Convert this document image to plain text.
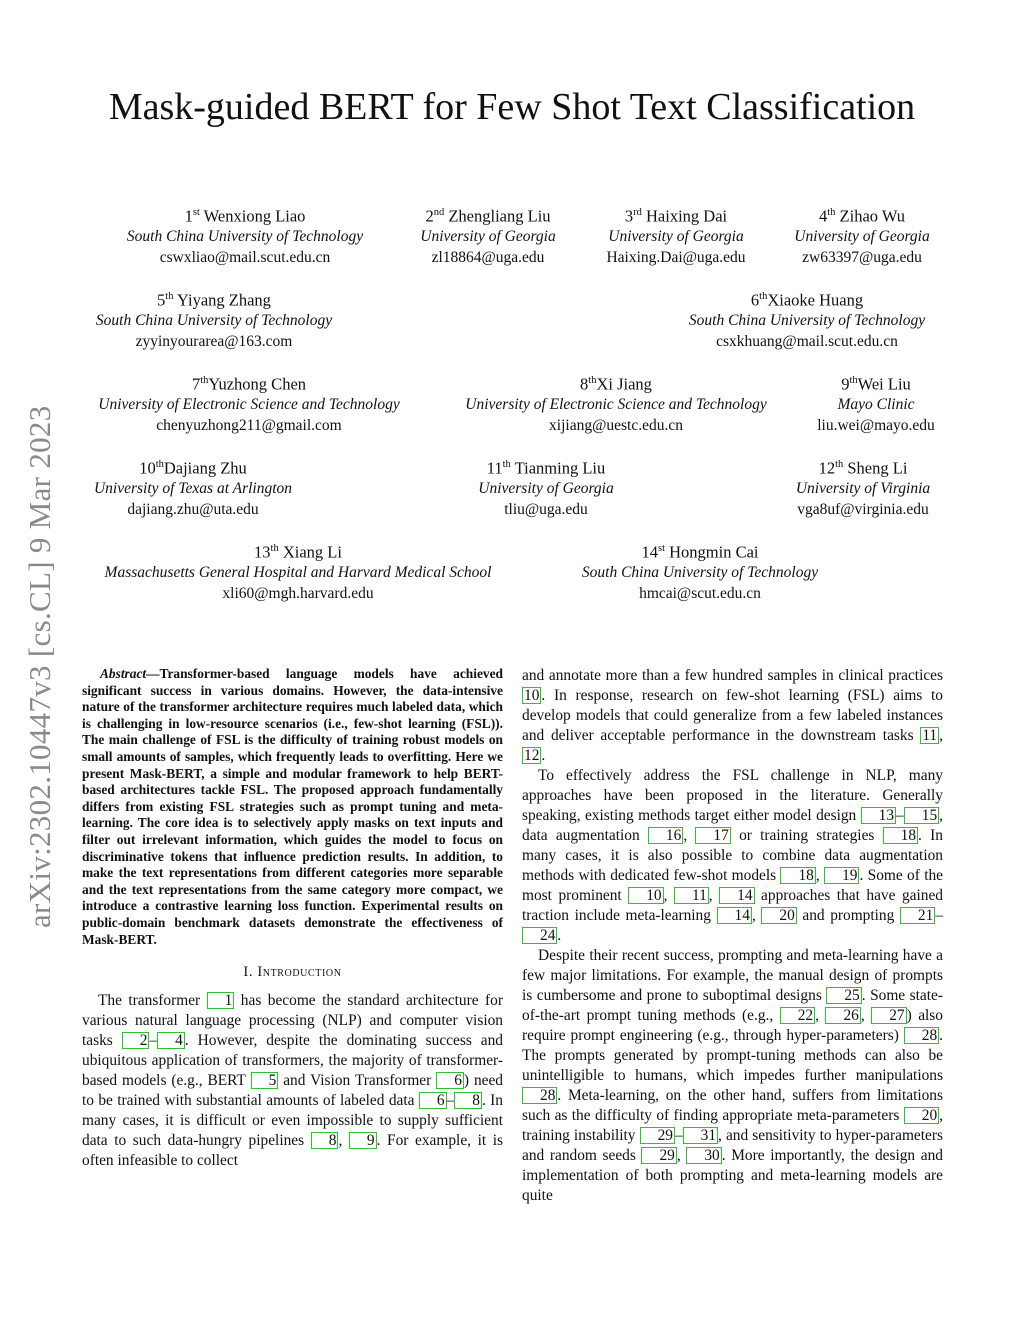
arXiv:2302.10447v3 [cs.CL] 9 Mar 2023
Mask-guided BERT for Few Shot Text Classification
1st Wenxiong Liao
South China University of Technology
cswxliao@mail.scut.edu.cn
2nd Zhengliang Liu
University of Georgia
zl18864@uga.edu
3rd Haixing Dai
University of Georgia
Haixing.Dai@uga.edu
4th Zihao Wu
University of Georgia
zw63397@uga.edu
5th Yiyang Zhang
South China University of Technology
zyyinyourarea@163.com
6thXiaoke Huang
South China University of Technology
csxkhuang@mail.scut.edu.cn
7thYuzhong Chen
University of Electronic Science and Technology
chenyuzhong211@gmail.com
8thXi Jiang
University of Electronic Science and Technology
xijiang@uestc.edu.cn
9thWei Liu
Mayo Clinic
liu.wei@mayo.edu
10thDajiang Zhu
University of Texas at Arlington
dajiang.zhu@uta.edu
11th Tianming Liu
University of Georgia
tliu@uga.edu
12th Sheng Li
University of Virginia
vga8uf@virginia.edu
13th Xiang Li
Massachusetts General Hospital and Harvard Medical School
xli60@mgh.harvard.edu
14st Hongmin Cai
South China University of Technology
hmcai@scut.edu.cn

Abstract—Transformer-based language models have achieved significant success in various domains. However, the data-intensive nature of the transformer architecture requires much labeled data, which is challenging in low-resource scenarios (i.e., few-shot learning (FSL)). The main challenge of FSL is the difficulty of training robust models on small amounts of samples, which frequently leads to overfitting. Here we present Mask-BERT, a simple and modular framework to help BERT-based architectures tackle FSL. The proposed approach fundamentally differs from existing FSL strategies such as prompt tuning and meta-learning. The core idea is to selectively apply masks on text inputs and filter out irrelevant information, which guides the model to focus on discriminative tokens that influence prediction results. In addition, to make the text representations from different categories more separable and the text representations from the same category more compact, we introduce a contrastive learning loss function. Experimental results on public-domain benchmark datasets demonstrate the effectiveness of Mask-BERT.

I. Introduction

The transformer 1 has become the standard architecture for various natural language processing (NLP) and computer vision tasks 2 – 4 . However, despite the dominating success and ubiquitous application of transformers, the majority of transformer-based models (e.g., BERT 5 and Vision Transformer 6 ) need to be trained with substantial amounts of labeled data 6 – 8 . In many cases, it is difficult or even impossible to supply sufficient data to such data-hungry pipelines 8 , 9 . For example, it is often infeasible to collect

and annotate more than a few hundred samples in clinical practices 10 . In response, research on few-shot learning (FSL) aims to develop models that could generalize from a few labeled instances and deliver acceptable performance in the downstream tasks 11 , 12 .

To effectively address the FSL challenge in NLP, many approaches have been proposed in the literature. Generally speaking, existing methods target either model design 13 – 15 , data augmentation 16 , 17 or training strategies 18 . In many cases, it is also possible to combine data augmentation methods with dedicated few-shot models 18 , 19 . Some of the most prominent 10 , 11 , 14 approaches that have gained traction include meta-learning 14 , 20 and prompting 21 –24 .

Despite their recent success, prompting and meta-learning have a few major limitations. For example, the manual design of prompts is cumbersome and prone to suboptimal designs 25 . Some state-of-the-art prompt tuning methods (e.g., 22 , 26 , 27 ) also require prompt engineering (e.g., through hyper-parameters) 28 . The prompts generated by prompt-tuning methods can also be unintelligible to humans, which impedes further manipulations 28 . Meta-learning, on the other hand, suffers from limitations such as the difficulty of finding appropriate meta-parameters 20 , training instability 29 – 31 , and sensitivity to hyper-parameters and random seeds 29 , 30 . More importantly, the design and implementation of both prompting and meta-learning models are quite
